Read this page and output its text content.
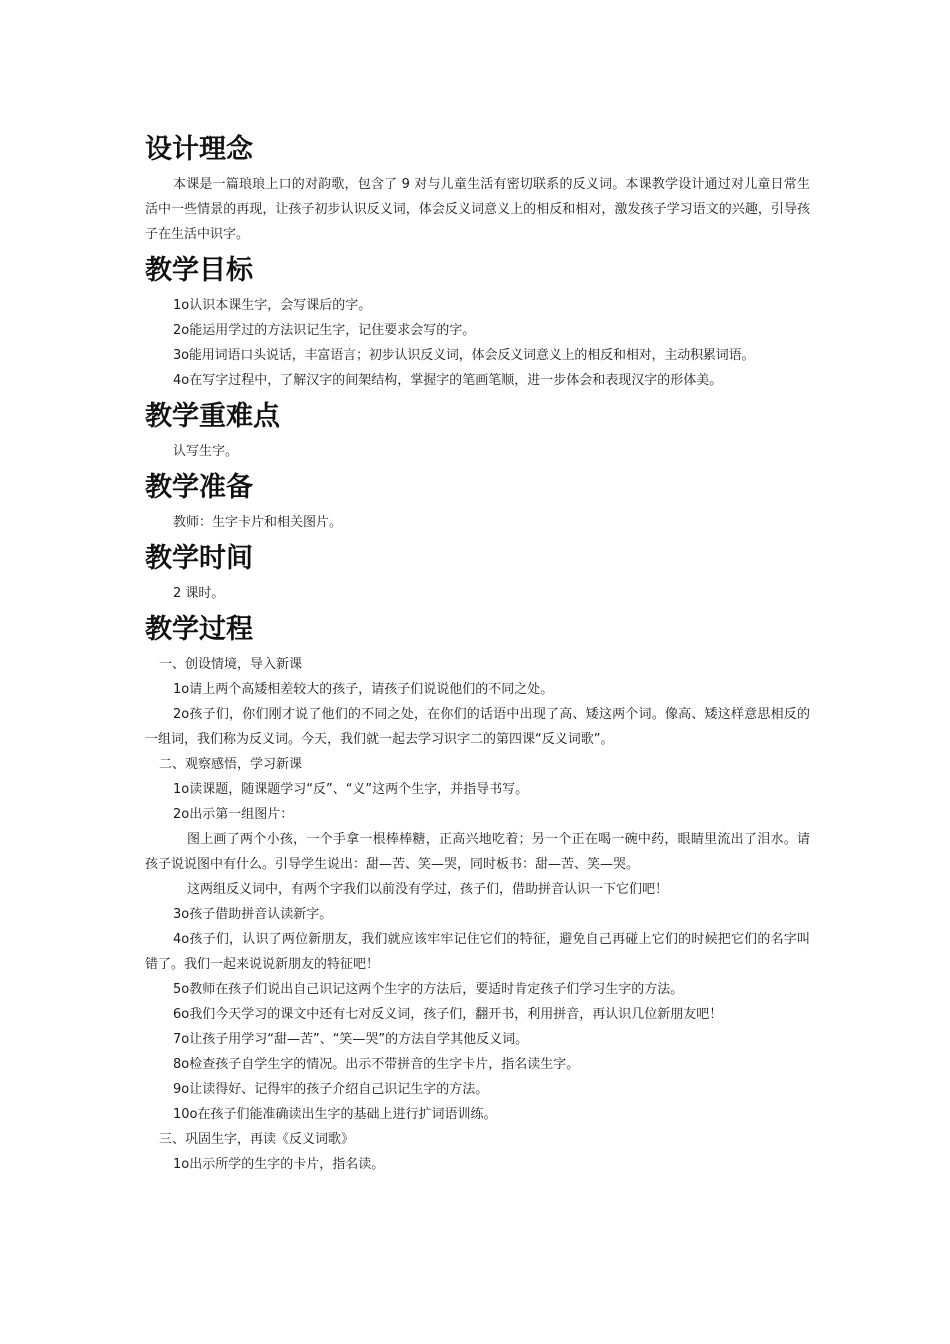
设计理念

本课是一篇琅琅上口的对韵歌，包含了 9 对与儿童生活有密切联系的反义词。本课教学设计通过对儿童日常生活中一些情景的再现，让孩子初步认识反义词，体会反义词意义上的相反和相对，激发孩子学习语文的兴趣，引导孩子在生活中识字。

教学目标

1o认识本课生字，会写课后的字。

2o能运用学过的方法识记生字，记住要求会写的字。

3o能用词语口头说话，丰富语言；初步认识反义词，体会反义词意义上的相反和相对，主动积累词语。

4o在写字过程中，了解汉字的间架结构，掌握字的笔画笔顺，进一步体会和表现汉字的形体美。

教学重难点

认写生字。

教学准备

教师：生字卡片和相关图片。

教学时间

2 课时。

教学过程

一、创设情境，导入新课

1o请上两个高矮相差较大的孩子，请孩子们说说他们的不同之处。

2o孩子们，你们刚才说了他们的不同之处，在你们的话语中出现了高、矮这两个词。像高、矮这样意思相反的一组词，我们称为反义词。今天，我们就一起去学习识字二的第四课“反义词歌”。

二、观察感悟，学习新课

1o读课题，随课题学习“反”、“义”这两个生字，并指导书写。

2o出示第一组图片：

图上画了两个小孩，一个手拿一根棒棒糖，正高兴地吃着；另一个正在喝一碗中药，眼睛里流出了泪水。请孩子说说图中有什么。引导学生说出：甜—苦、笑—哭，同时板书：甜—苦、笑—哭。

这两组反义词中，有两个字我们以前没有学过，孩子们，借助拼音认识一下它们吧！

3o孩子借助拼音认读新字。

4o孩子们，认识了两位新朋友，我们就应该牢牢记住它们的特征，避免自己再碰上它们的时候把它们的名字叫错了。我们一起来说说新朋友的特征吧！

5o教师在孩子们说出自己识记这两个生字的方法后，要适时肯定孩子们学习生字的方法。

6o我们今天学习的课文中还有七对反义词，孩子们，翻开书，利用拼音，再认识几位新朋友吧！

7o让孩子用学习“甜—苦”、“笑—哭”的方法自学其他反义词。

8o检查孩子自学生字的情况。出示不带拼音的生字卡片，指名读生字。

9o让读得好、记得牢的孩子介绍自己识记生字的方法。

10o在孩子们能准确读出生字的基础上进行扩词语训练。

三、巩固生字，再读《反义词歌》

1o出示所学的生字的卡片，指名读。
